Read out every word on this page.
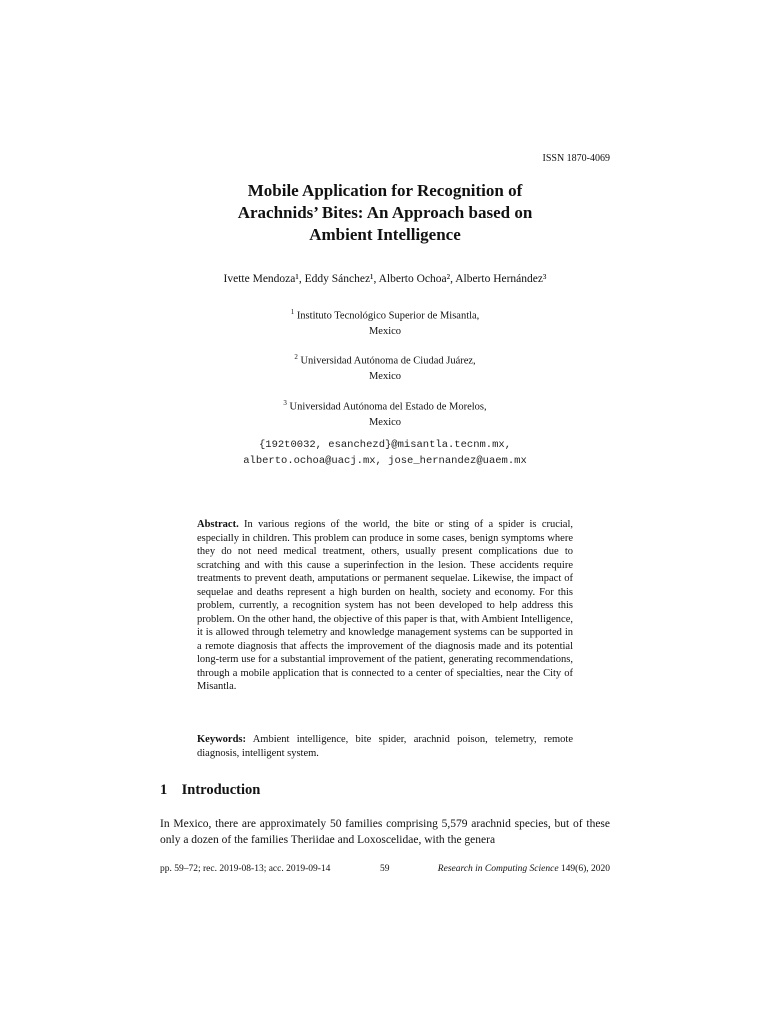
ISSN 1870-4069
Mobile Application for Recognition of
Arachnids’ Bites: An Approach based on
Ambient Intelligence
Ivette Mendoza¹, Eddy Sánchez¹, Alberto Ochoa², Alberto Hernández³
$^1$ Instituto Tecnológico Superior de Misantla,
Mexico
$^2$ Universidad Autónoma de Ciudad Juárez,
Mexico
$^3$ Universidad Autónoma del Estado de Morelos,
Mexico
{192t0032, esanchezd}@misantla.tecnm.mx,
alberto.ochoa@uacj.mx, jose_hernandez@uaem.mx
Abstract. In various regions of the world, the bite or sting of a spider is crucial, especially in children. This problem can produce in some cases, benign symptoms where they do not need medical treatment, others, usually present complications due to scratching and with this cause a superinfection in the lesion. These accidents require treatments to prevent death, amputations or permanent sequelae. Likewise, the impact of sequelae and deaths represent a high burden on health, society and economy. For this problem, currently, a recognition system has not been developed to help address this problem. On the other hand, the objective of this paper is that, with Ambient Intelligence, it is allowed through telemetry and knowledge management systems can be supported in a remote diagnosis that affects the improvement of the diagnosis made and its potential long-term use for a substantial improvement of the patient, generating recommendations, through a mobile application that is connected to a center of specialties, near the City of Misantla.
Keywords: Ambient intelligence, bite spider, arachnid poison, telemetry, remote diagnosis, intelligent system.
1 Introduction
In Mexico, there are approximately 50 families comprising 5,579 arachnid species, but of these only a dozen of the families Theriidae and Loxoscelidae, with the genera
pp. 59–72; rec. 2019-08-13; acc. 2019-09-14	59	Research in Computing Science 149(6), 2020
